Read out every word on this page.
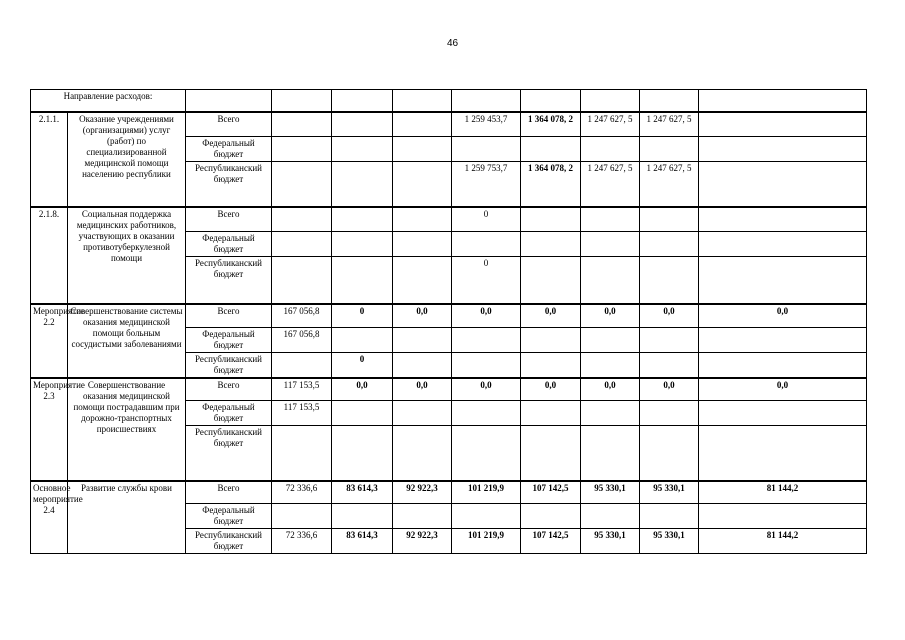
46
Направление расходов:										
2.1.1.	Оказание учреждениями (организациями) услуг (работ) по специализированной медицинской помощи населению республики	Всего				1 259 453,7	1 364 078, 2	1 247 627, 5	1 247 627, 5	
		Федеральный бюджет								
		Республиканский бюджет				1 259 753,7	1 364 078, 2	1 247 627, 5	1 247 627, 5	
2.1.8.	Социальная поддержка медицинских работников, участвующих в оказании противотуберкулезной помощи	Всего				0				
		Федеральный бюджет								
		Республиканский бюджет				0				
Мероприятие 2.2	Совершенствование системы оказания медицинской помощи больным сосудистыми заболеваниями	Всего	167 056,8	0	0,0	0,0	0,0	0,0	0,0	0,0
		Федеральный бюджет	167 056,8							
		Республиканский бюджет		0						
Мероприятие 2.3	Совершенствование оказания медицинской помощи пострадавшим при дорожно-транспортных происшествиях	Всего	117 153,5	0,0	0,0	0,0	0,0	0,0	0,0	0,0
		Федеральный бюджет	117 153,5							
		Республиканский бюджет								
Основное мероприятие 2.4	Развитие службы крови	Всего	72 336,6	83 614,3	92 922,3	101 219,9	107 142,5	95 330,1	95 330,1	81 144,2
		Федеральный бюджет								
		Республиканский бюджет	72 336,6	83 614,3	92 922,3	101 219,9	107 142,5	95 330,1	95 330,1	81 144,2
